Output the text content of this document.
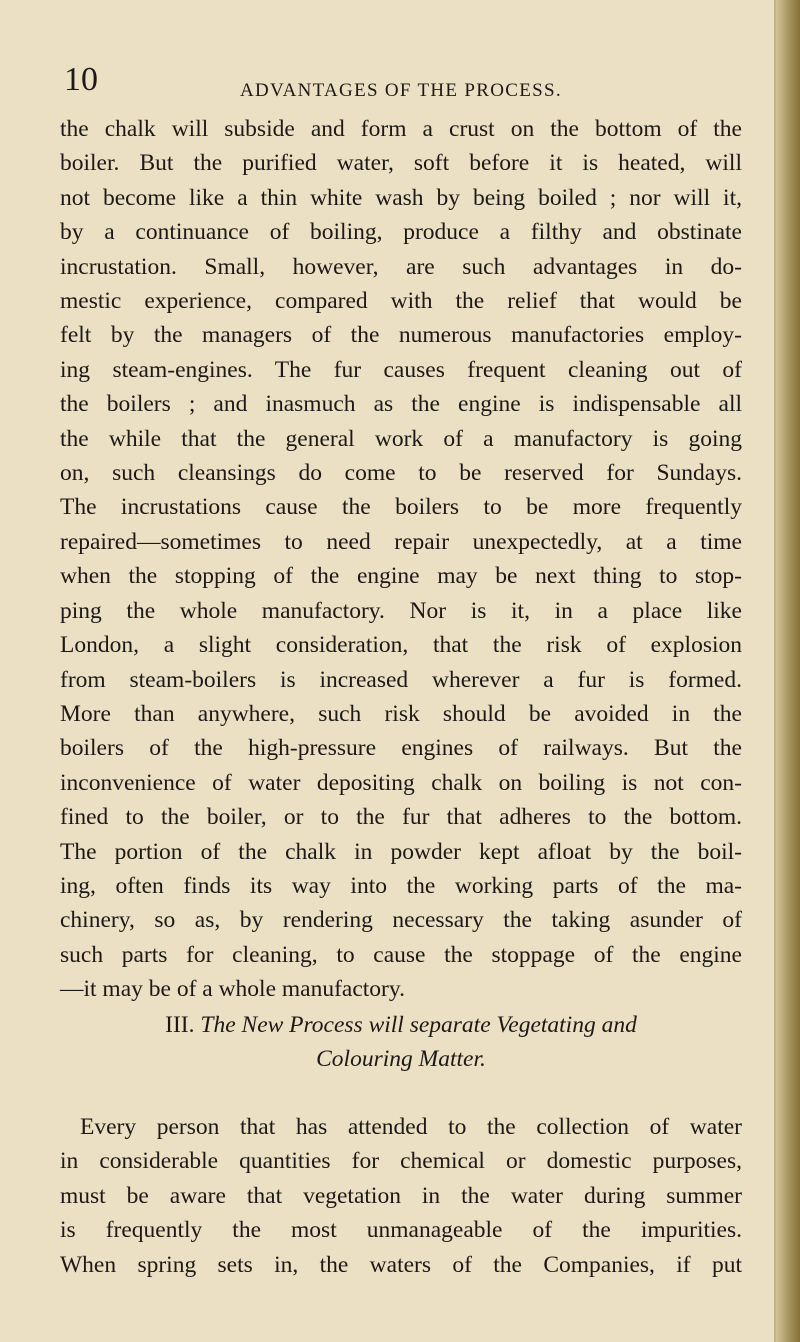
10	ADVANTAGES OF THE PROCESS.
the chalk will subside and form a crust on the bottom of the
boiler. But the purified water, soft before it is heated, will
not become like a thin white wash by being boiled ; nor will it,
by a continuance of boiling, produce a filthy and obstinate
incrustation. Small, however, are such advantages in do-
mestic experience, compared with the relief that would be
felt by the managers of the numerous manufactories employ-
ing steam-engines. The fur causes frequent cleaning out of
the boilers ; and inasmuch as the engine is indispensable all
the while that the general work of a manufactory is going
on, such cleansings do come to be reserved for Sundays.
The incrustations cause the boilers to be more frequently
repaired—sometimes to need repair unexpectedly, at a time
when the stopping of the engine may be next thing to stop-
ping the whole manufactory. Nor is it, in a place like
London, a slight consideration, that the risk of explosion
from steam-boilers is increased wherever a fur is formed.
More than anywhere, such risk should be avoided in the
boilers of the high-pressure engines of railways. But the
inconvenience of water depositing chalk on boiling is not con-
fined to the boiler, or to the fur that adheres to the bottom.
The portion of the chalk in powder kept afloat by the boil-
ing, often finds its way into the working parts of the ma-
chinery, so as, by rendering necessary the taking asunder of
such parts for cleaning, to cause the stoppage of the engine
—it may be of a whole manufactory.
III. The New Process will separate Vegetating and
Colouring Matter.
Every person that has attended to the collection of water
in considerable quantities for chemical or domestic purposes,
must be aware that vegetation in the water during summer
is frequently the most unmanageable of the impurities.
When spring sets in, the waters of the Companies, if put
